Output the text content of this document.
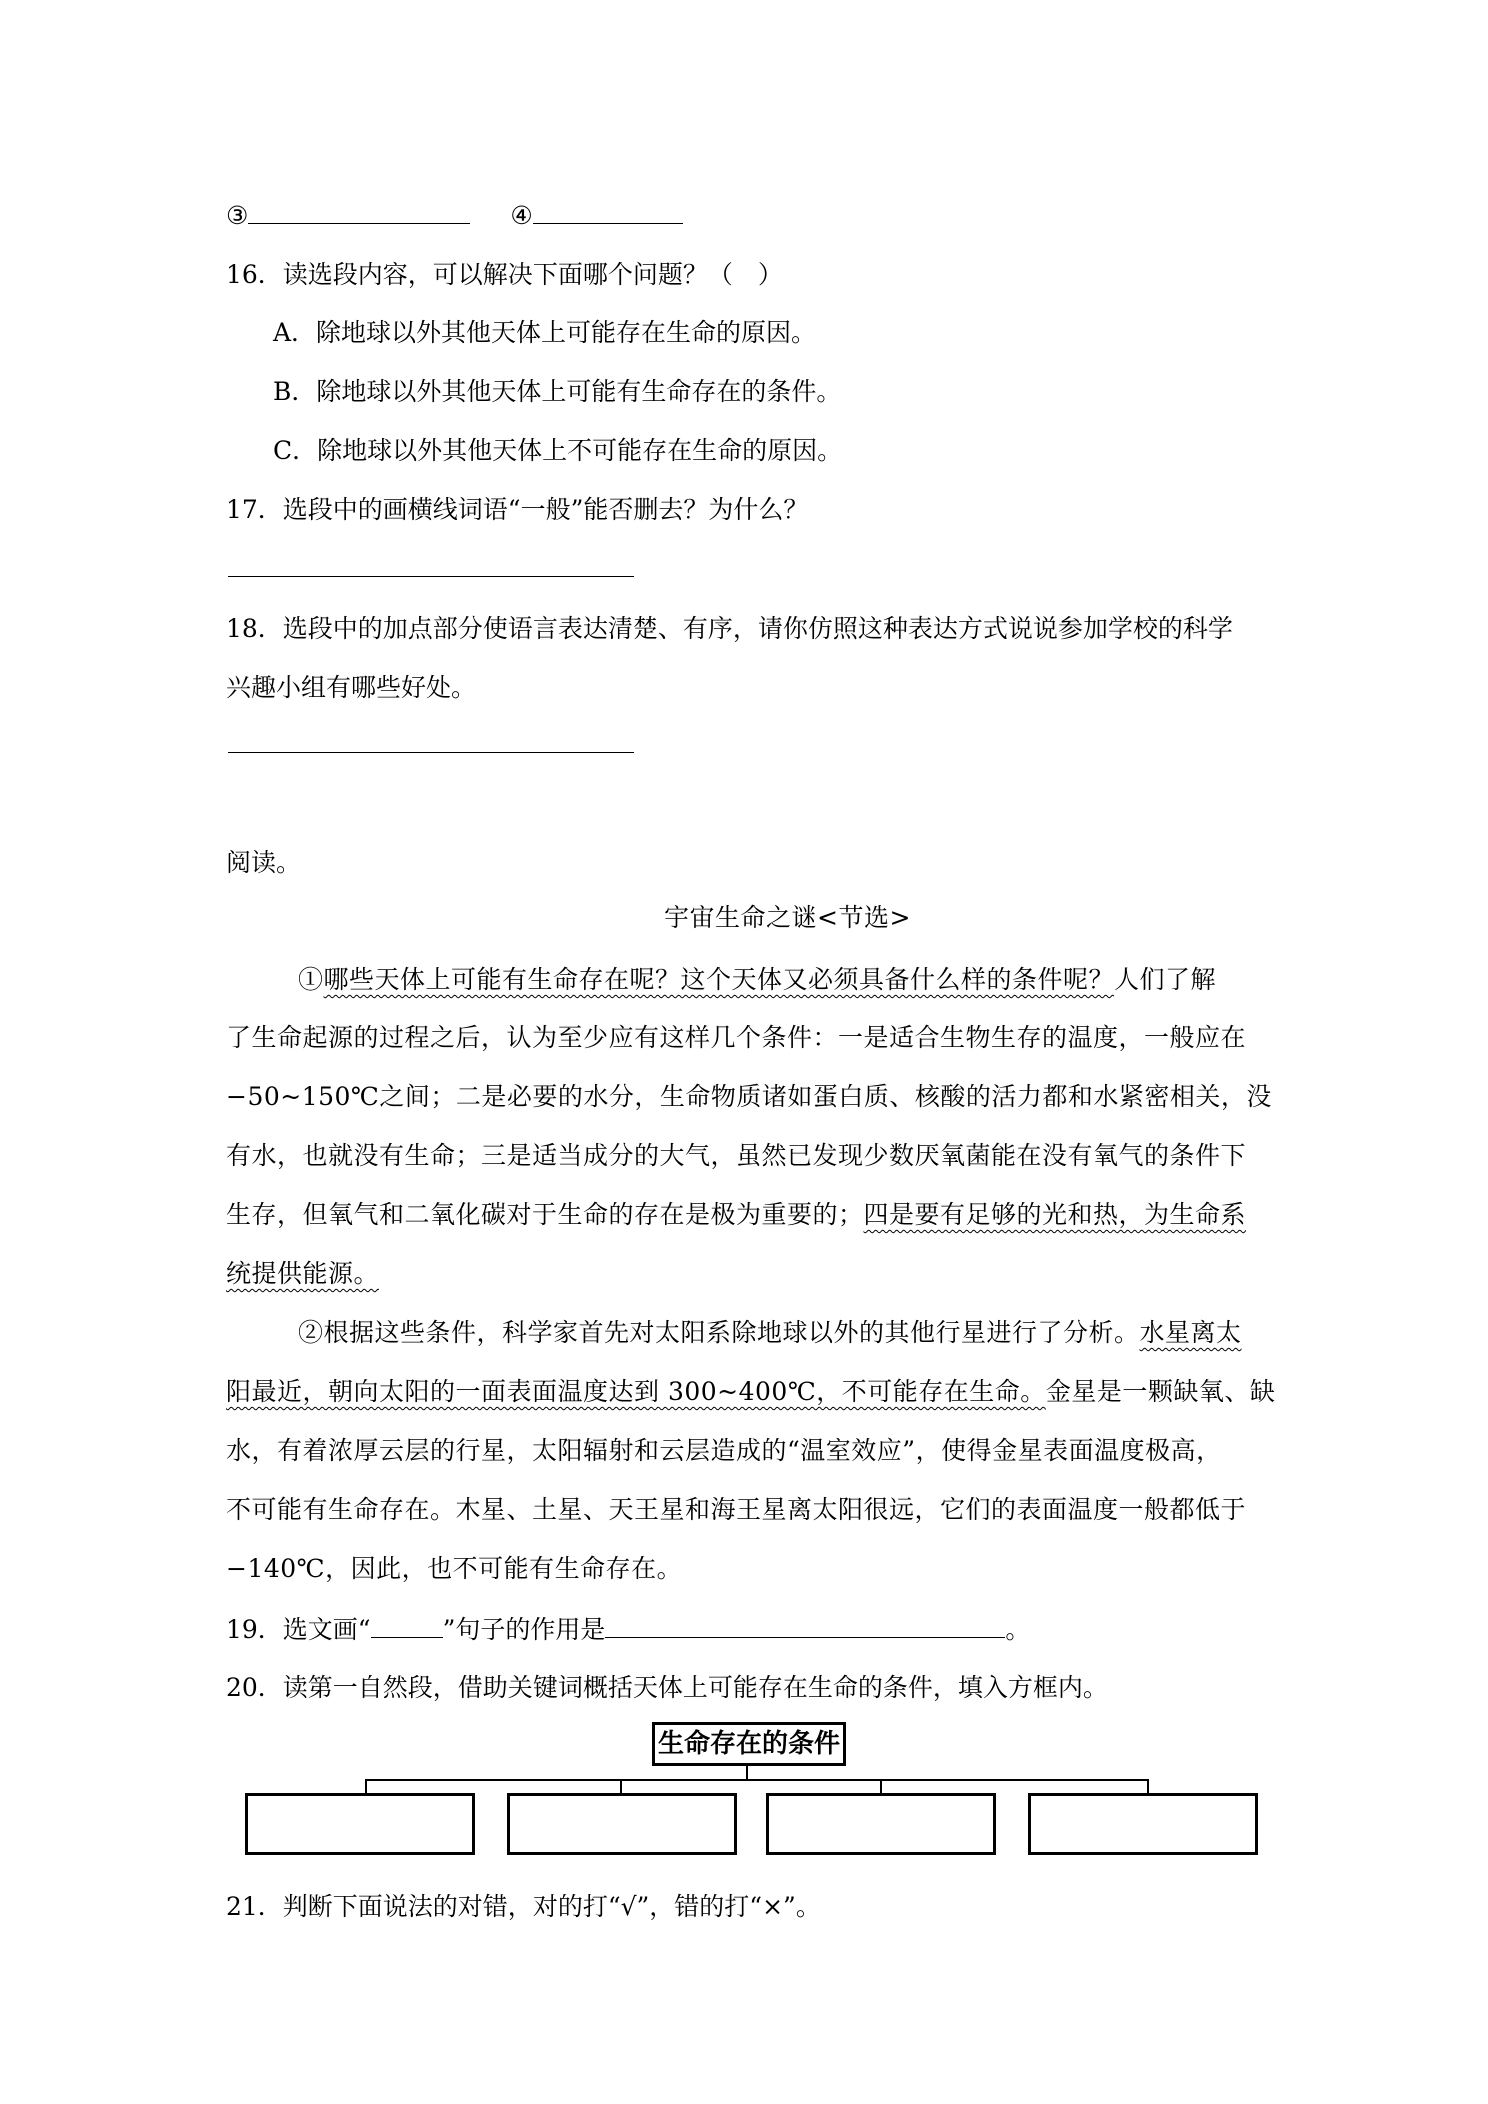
③	④
16．读选段内容，可以解决下面哪个问题？（　）
A．除地球以外其他天体上可能存在生命的原因。
B．除地球以外其他天体上可能有生命存在的条件。
C．除地球以外其他天体上不可能存在生命的原因。
17．选段中的画横线词语“一般”能否删去？为什么？
18．选段中的加点部分使语言表达清楚、有序，请你仿照这种表达方式说说参加学校的科学
兴趣小组有哪些好处。
阅读。
宇宙生命之谜<节选>
①哪些天体上可能有生命存在呢？这个天体又必须具备什么样的条件呢？人们了解
了生命起源的过程之后，认为至少应有这样几个条件：一是适合生物生存的温度，一般应在
−50~150℃之间；二是必要的水分，生命物质诸如蛋白质、核酸的活力都和水紧密相关，没
有水，也就没有生命；三是适当成分的大气，虽然已发现少数厌氧菌能在没有氧气的条件下
生存，但氧气和二氧化碳对于生命的存在是极为重要的；四是要有足够的光和热，为生命系
统提供能源。
②根据这些条件，科学家首先对太阳系除地球以外的其他行星进行了分析。水星离太
阳最近，朝向太阳的一面表面温度达到 300~400℃，不可能存在生命。金星是一颗缺氧、缺
水，有着浓厚云层的行星，太阳辐射和云层造成的“温室效应”，使得金星表面温度极高，
不可能有生命存在。木星、土星、天王星和海王星离太阳很远，它们的表面温度一般都低于
−140℃，因此，也不可能有生命存在。
19．选文画“	”句子的作用是	。
20．读第一自然段，借助关键词概括天体上可能存在生命的条件，填入方框内。
生命存在的条件
21．判断下面说法的对错，对的打“√”，错的打“×”。
